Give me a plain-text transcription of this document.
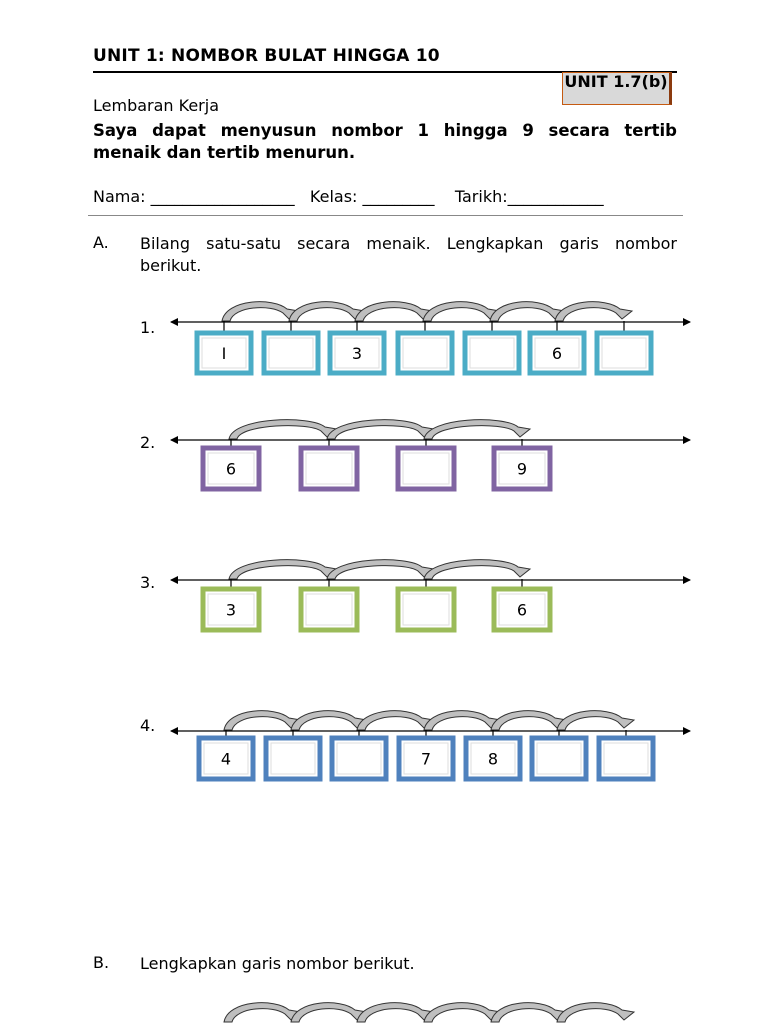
UNIT 1: NOMBOR BULAT HINGGA 10
UNIT 1.7(b)
Lembaran Kerja
Saya dapat menyusun nombor 1 hingga 9 secara tertib menaik dan tertib menurun.
Nama: __________________ Kelas: _________ Tarikh:____________
A. Bilang satu-satu secara menaik. Lengkapkan garis nombor berikut.
1.
2.
3.
4.
B. Lengkapkan garis nombor berikut.
I	3	6
6	9
3	6
4	7	8
